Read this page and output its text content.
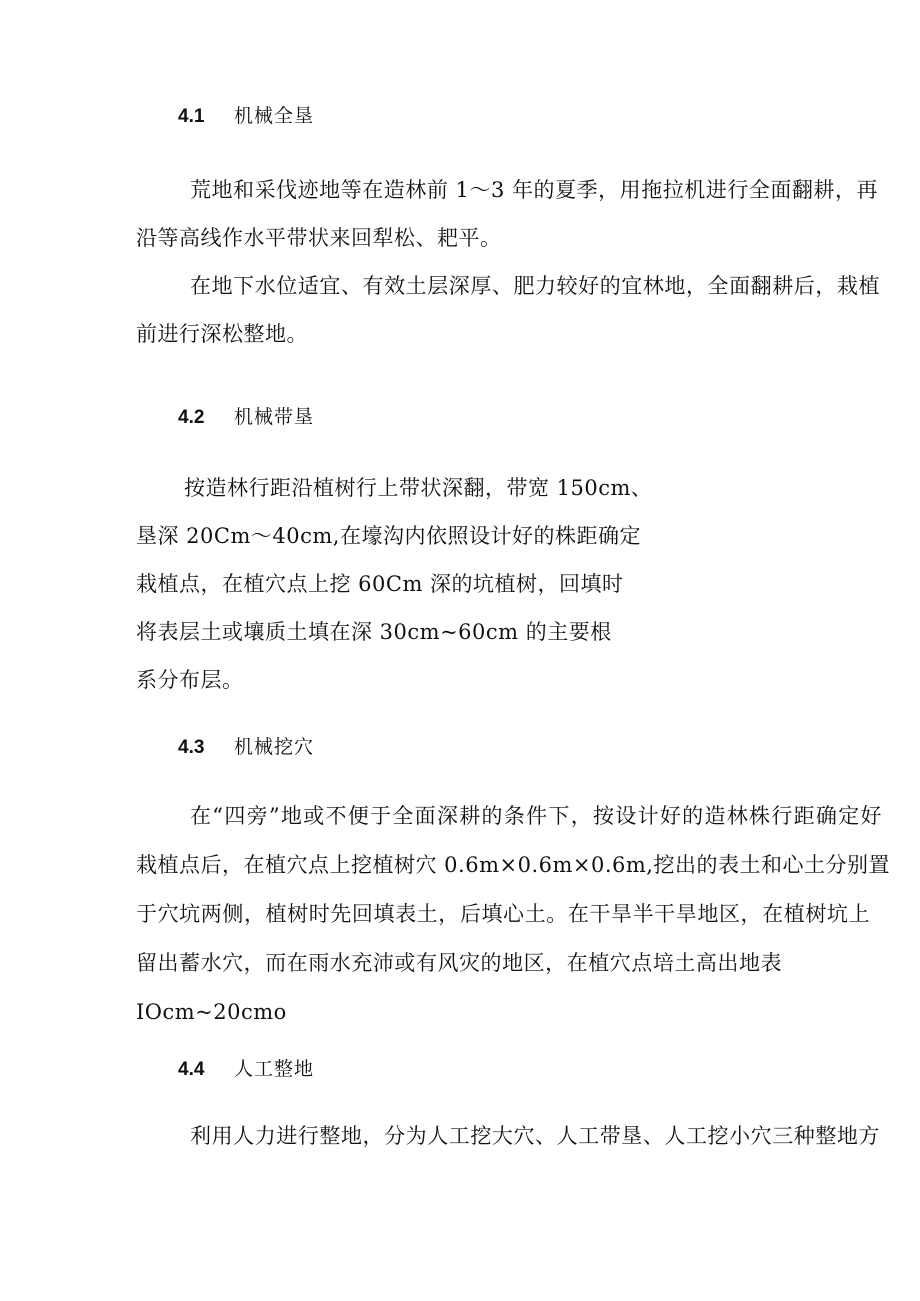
4.1 机械全垦
荒地和采伐迹地等在造林前 1～3 年的夏季，用拖拉机进行全面翻耕，再
沿等高线作水平带状来回犁松、耙平。
在地下水位适宜、有效土层深厚、肥力较好的宜林地，全面翻耕后，栽植
前进行深松整地。
4.2 机械带垦
按造林行距沿植树行上带状深翻，带宽 150cm、
垦深 20Cm～40cm,在壕沟内依照设计好的株距确定
栽植点，在植穴点上挖 60Cm 深的坑植树，回填时
将表层土或壤质土填在深 30cm~60cm 的主要根
系分布层。
4.3 机械挖穴
在“四旁”地或不便于全面深耕的条件下，按设计好的造林株行距确定好
栽植点后，在植穴点上挖植树穴 0.6m×0.6m×0.6m,挖出的表土和心土分别置
于穴坑两侧，植树时先回填表土，后填心土。在干旱半干旱地区，在植树坑上
留出蓄水穴，而在雨水充沛或有风灾的地区，在植穴点培土高出地表
IOcm~20cmo
4.4 人工整地
利用人力进行整地，分为人工挖大穴、人工带垦、人工挖小穴三种整地方
